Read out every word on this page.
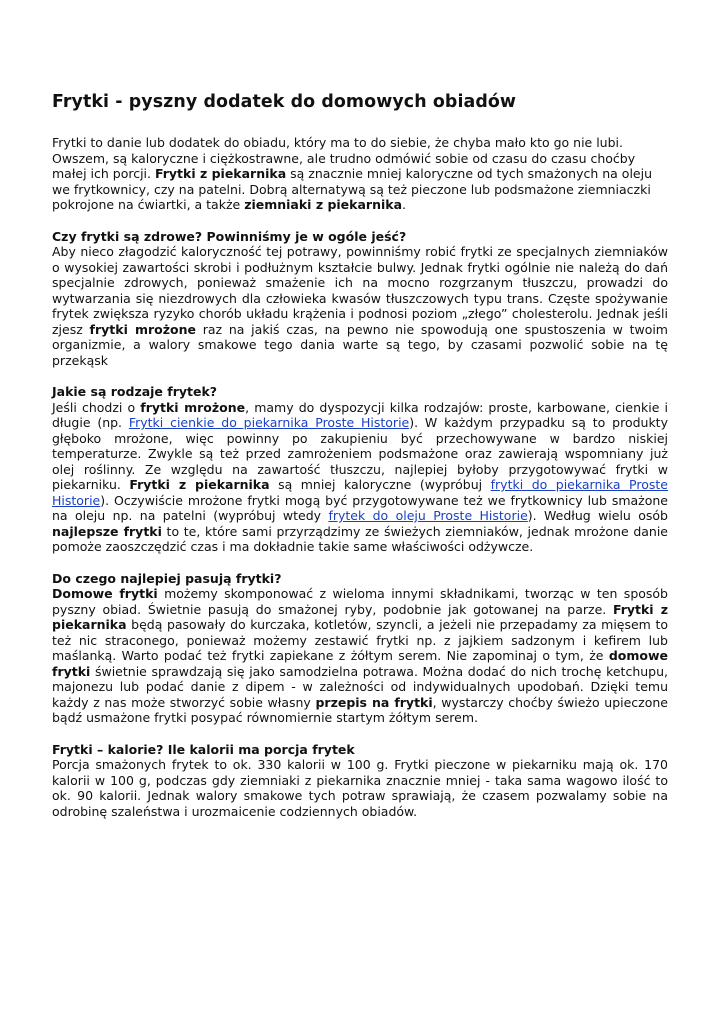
Frytki - pyszny dodatek do domowych obiadów

Frytki to danie lub dodatek do obiadu, który ma to do siebie, że chyba mało kto go nie lubi. Owszem, są kaloryczne i ciężkostrawne, ale trudno odmówić sobie od czasu do czasu choćby małej ich porcji. Frytki z piekarnika są znacznie mniej kaloryczne od tych smażonych na oleju we frytkownicy, czy na patelni. Dobrą alternatywą są też pieczone lub podsmażone ziemniaczki pokrojone na ćwiartki, a także ziemniaki z piekarnika.

Czy frytki są zdrowe? Powinniśmy je w ogóle jeść?

Aby nieco złagodzić kaloryczność tej potrawy, powinniśmy robić frytki ze specjalnych ziemniaków o wysokiej zawartości skrobi i podłużnym kształcie bulwy. Jednak frytki ogólnie nie należą do dań specjalnie zdrowych, ponieważ smażenie ich na mocno rozgrzanym tłuszczu, prowadzi do wytwarzania się niezdrowych dla człowieka kwasów tłuszczowych typu trans. Częste spożywanie frytek zwiększa ryzyko chorób układu krążenia i podnosi poziom „złego” cholesterolu. Jednak jeśli zjesz frytki mrożone raz na jakiś czas, na pewno nie spowodują one spustoszenia w twoim organizmie, a walory smakowe tego dania warte są tego, by czasami pozwolić sobie na tę przekąsk

Jakie są rodzaje frytek?

Jeśli chodzi o frytki mrożone, mamy do dyspozycji kilka rodzajów: proste, karbowane, cienkie i długie (np. Frytki cienkie do piekarnika Proste Historie). W każdym przypadku są to produkty głęboko mrożone, więc powinny po zakupieniu być przechowywane w bardzo niskiej temperaturze. Zwykle są też przed zamrożeniem podsmażone oraz zawierają wspomniany już olej roślinny. Ze względu na zawartość tłuszczu, najlepiej byłoby przygotowywać frytki w piekarniku. Frytki z piekarnika są mniej kaloryczne (wypróbuj frytki do piekarnika Proste Historie). Oczywiście mrożone frytki mogą być przygotowywane też we frytkownicy lub smażone na oleju np. na patelni (wypróbuj wtedy frytek do oleju Proste Historie). Według wielu osób najlepsze frytki to te, które sami przyrządzimy ze świeżych ziemniaków, jednak mrożone danie pomoże zaoszczędzić czas i ma dokładnie takie same właściwości odżywcze.

Do czego najlepiej pasują frytki?

Domowe frytki możemy skomponować z wieloma innymi składnikami, tworząc w ten sposób pyszny obiad. Świetnie pasują do smażonej ryby, podobnie jak gotowanej na parze. Frytki z piekarnika będą pasowały do kurczaka, kotletów, szyncli, a jeżeli nie przepadamy za mięsem to też nic straconego, ponieważ możemy zestawić frytki np. z jajkiem sadzonym i kefirem lub maślanką. Warto podać też frytki zapiekane z żółtym serem. Nie zapominaj o tym, że domowe frytki świetnie sprawdzają się jako samodzielna potrawa. Można dodać do nich trochę ketchupu, majonezu lub podać danie z dipem - w zależności od indywidualnych upodobań. Dzięki temu każdy z nas może stworzyć sobie własny przepis na frytki, wystarczy choćby świeżo upieczone bądź usmażone frytki posypać równomiernie startym żółtym serem.

Frytki – kalorie? Ile kalorii ma porcja frytek

Porcja smażonych frytek to ok. 330 kalorii w 100 g. Frytki pieczone w piekarniku mają ok. 170 kalorii w 100 g, podczas gdy ziemniaki z piekarnika znacznie mniej - taka sama wagowo ilość to ok. 90 kalorii. Jednak walory smakowe tych potraw sprawiają, że czasem pozwalamy sobie na odrobinę szaleństwa i urozmaicenie codziennych obiadów.
